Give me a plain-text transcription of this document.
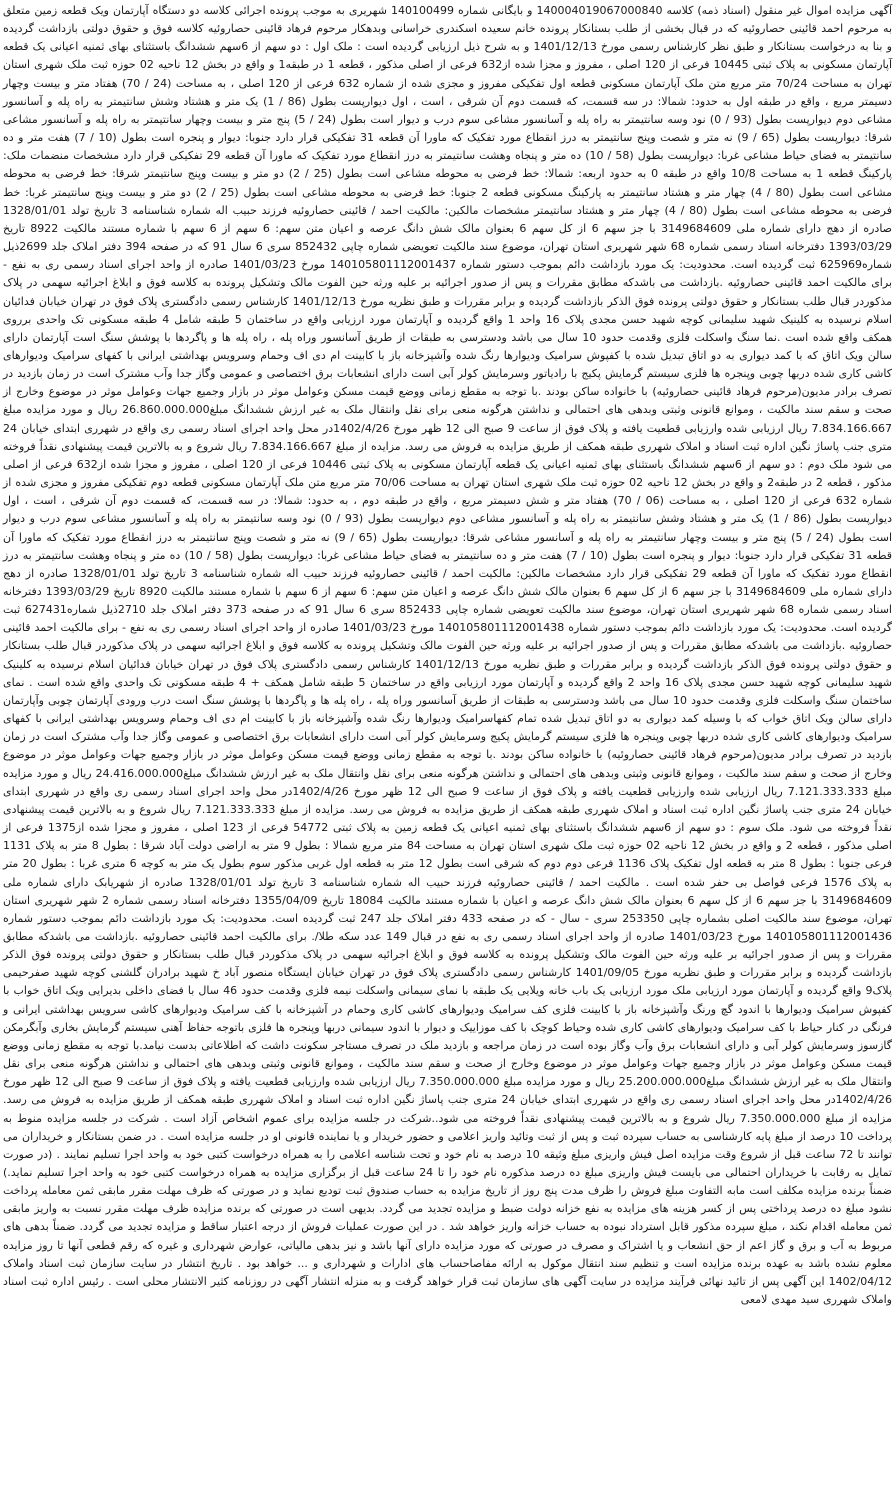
آگهی مزایده اموال غیر منقول (اسناد ذمه) کلاسه 140004019067000840 و بایگانی شماره 140100499 شهریری به موجب پرونده اجرائی کلاسه دو دستگاه آپارتمان ویک قطعه زمین متعلق به مرحوم احمد قائینی حصاروئیه که در قبال بخشی از طلب بستانکار پرونده خانم سعیده اسکندری خراسانی وبدهکار مرحوم فرهاد قائینی حصاروئیه کلاسه فوق و حقوق دولتی بازداشت گردیده و بنا به درخواست بستانکار و طبق نظر کارشناس رسمی مورخ 1401/12/13 و به شرح ذیل ارزیابی گردیده است : ملک اول : دو سهم از 6سهم ششدانگ باستثنای بهای ثمنیه اعیانی یک قطعه آپارتمان مسکونی به پلاک ثبتی 10445 فرعی از 120 اصلی ، مفروز و مجزا شده از632 فرعی از اصلی مذکور ، قطعه 1 در طبقه1 و واقع در بخش 12 ناحیه 02 حوزه ثبت ملک شهری استان تهران به مساحت 70/24 متر مربع متن ملک آپارتمان مسکونی قطعه اول تفکیکی مفروز و مجزی شده از شماره 632 فرعی از 120 اصلی ، به مساحت (24 / 70) هفتاد متر و بیست وچهار دسیمتر مربع ، واقع در طبقه اول به حدود: شمالا: در سه قسمت، که قسمت دوم آن شرقی ، است ، اول دیوارپست بطول (86 / 1) یک متر و هشتاد وشش سانتیمتر به راه پله و آسانسور مشاعی دوم دیوارپست بطول (93 / 0) نود وسه سانتیمتر به راه پله و آسانسور مشاعی سوم درب و دیوار است بطول (24 / 5) پنج متر و بیست وچهار سانتیمتر به راه پله و آسانسور مشاعی شرقا: دیوارپست بطول (65 / 9) نه متر و شصت وپنج سانتیمتر به درز انقطاع مورد تفکیک که ماورا آن قطعه 31 تفکیکی قرار دارد جنوبا: دیوار و پنجره است بطول (10 / 7) هفت متر و ده سانتیمتر به فضای حیاط مشاعی غربا: دیوارپست بطول (58 / 10) ده متر و پنجاه وهشت سانتیمتر به درز انقطاع مورد تفکیک که ماورا آن قطعه 29 تفکیکی قرار دارد مشخصات منضمات ملک: پارکینگ قطعه 1 به مساحت 10/8 واقع در طبقه 0 به حدود اربعه: شمالا: خط فرضی به محوطه مشاعی است بطول (25 / 2) دو متر و بیست وپنج سانتیمتر شرقا: خط فرضی به محوطه مشاعی است بطول (80 / 4) چهار متر و هشتاد سانتیمتر به پارکینگ مسکونی قطعه 2 جنوبا: خط فرضی به محوطه مشاعی است بطول (25 / 2) دو متر و بیست وپنج سانتیمتر غربا: خط فرضی به محوطه مشاعی است بطول (80 / 4) چهار متر و هشتاد سانتیمتر مشخصات مالکین: مالکیت احمد / قائینی حصاروئیه فرزند حبیب اله شماره شناسنامه 3 تاریخ تولد 1328/01/01 صادره از دهج دارای شماره ملی 3149684609 با جز سهم 6 از کل سهم 6 بعنوان مالک شش دانگ عرصه و اعیان متن سهم: 6 سهم از 6 سهم با شماره مستند مالکیت 8922 تاریخ 1393/03/29 دفترخانه اسناد رسمی شماره 68 شهر شهریری استان تهران، موضوع سند مالکیت تعویضی شماره چاپی 852432 سری 6 سال 91 که در صفحه 394 دفتر املاک جلد 2699ذیل شماره625969 ثبت گردیده است. محدودیت: یک مورد بازداشت دائم بموجب دستور شماره 140105801112001437 مورخ 1401/03/23 صادره از واحد اجرای اسناد رسمی ری به نفع - برای مالکیت احمد قائینی حصاروئیه .بازداشت می باشدکه مطابق مقررات و پس از صدور اجرائیه بر علیه ورثه حین الفوت مالک وتشکیل پرونده به کلاسه فوق و ابلاغ اجرائیه سهمی در پلاک مذکوردر قبال طلب بستانکار و حقوق دولتی پرونده فوق الذکر بازداشت گردیده و برابر مقررات و طبق نظریه مورخ 1401/12/13 کارشناس رسمی دادگستری پلاک فوق در تهران خیابان فدائیان اسلام نرسیده به کلینیک شهید سلیمانی کوچه شهید حسن مجدی پلاک 16 واحد 1 واقع گردیده و آپارتمان مورد ارزیابی واقع در ساختمان 5 طبقه شامل 4 طبقه مسکونی تک واحدی برروی همکف واقع شده است .نما سنگ واسکلت فلزی وقدمت حدود 10 سال می باشد ودسترسی به طبقات از طریق آسانسور وراه پله ، راه پله ها و پاگردها با پوشش سنگ است آپارتمان دارای سالن ویک اتاق که با کمد دیواری به دو اتاق تبدیل شده با کفپوش سرامیک ودیوارها رنگ شده وآشپزخانه باز با کابینت ام دی اف وحمام وسرویس بهداشتی ایرانی با کفهای سرامیک ودیوارهای کاشی کاری شده دربها چوبی وپنجره ها فلزی سیستم گرمایش پکیج با رادیاتور وسرمایش کولر آبی است دارای انشعابات برق اختصاصی و عمومی وگاز جدا وآب مشترک است در زمان بازدید در تصرف برادر مدیون(مرحوم فرهاد قائینی حصاروئیه) با خانواده ساکن بودند .با توجه به مقطع زمانی ووضع قیمت مسکن وعوامل موثر در بازار وجمیع جهات وعوامل موثر در موضوع وخارج از صحت و سقم سند مالکیت ، وموانع قانونی وثبتی وبدهی های احتمالی و نداشتن هرگونه منعی برای نقل وانتقال ملک به غیر ارزش ششدانگ مبلغ26.860.000.000 ریال و مورد مزایده مبلغ 7.834.166.667 ریال ارزیابی شده وارزیابی قطعیت یافته و پلاک فوق از ساعت 9 صبح الی 12 ظهر مورخ 1402/4/26در محل واحد اجرای اسناد رسمی ری واقع در شهرری ابتدای خیابان 24 متری جنب پاساژ نگین اداره ثبت اسناد و املاک شهرری طبقه همکف از طریق مزایده به فروش می رسد. مزایده از مبلغ 7.834.166.667 ریال شروع و به بالاترین قیمت پیشنهادی نقداً فروخته می شود ملک دوم : دو سهم از 6سهم ششدانگ باستثنای بهای ثمنیه اعیانی یک قطعه آپارتمان مسکونی به پلاک ثبتی 10446 فرعی از 120 اصلی ، مفروز و مجزا شده از632 فرعی از اصلی مذکور ، قطعه 2 در طبقه2 و واقع در بخش 12 ناحیه 02 حوزه ثبت ملک شهری استان تهران به مساحت 70/06 متر مربع متن ملک آپارتمان مسکونی قطعه دوم تفکیکی مفروز و مجزی شده از شماره 632 فرعی از 120 اصلی ، به مساحت (06 / 70) هفتاد متر و شش دسیمتر مربع ، واقع در طبقه دوم ، به حدود: شمالا: در سه قسمت، که قسمت دوم آن شرقی ، است ، اول دیوارپست بطول (86 / 1) یک متر و هشتاد وشش سانتیمتر به راه پله و آسانسور مشاعی دوم دیوارپست بطول (93 / 0) نود وسه سانتیمتر به راه پله و آسانسور مشاعی سوم درب و دیوار است بطول (24 / 5) پنج متر و بیست وچهار سانتیمتر به راه پله و آسانسور مشاعی شرقا: دیوارپست بطول (65 / 9) نه متر و شصت وپنج سانتیمتر به درز انقطاع مورد تفکیک که ماورا آن قطعه 31 تفکیکی قرار دارد جنوبا: دیوار و پنجره است بطول (10 / 7) هفت متر و ده سانتیمتر به فضای حیاط مشاعی غربا: دیوارپست بطول (58 / 10) ده متر و پنجاه وهشت سانتیمتر به درز انقطاع مورد تفکیک که ماورا آن قطعه 29 تفکیکی قرار دارد مشخصات مالکین: مالکیت احمد / قائینی حصاروئیه فرزند حبیب اله شماره شناسنامه 3 تاریخ تولد 1328/01/01 صادره از دهج دارای شماره ملی 3149684609 با جز سهم 6 از کل سهم 6 بعنوان مالک شش دانگ عرصه و اعیان متن سهم: 6 سهم از 6 سهم با شماره مستند مالکیت 8920 تاریخ 1393/03/29 دفترخانه اسناد رسمی شماره 68 شهر شهریری استان تهران، موضوع سند مالکیت تعویضی شماره چاپی 852433 سری 6 سال 91 که در صفحه 373 دفتر املاک جلد 2710ذیل شماره627431 ثبت گردیده است. محدودیت: یک مورد بازداشت دائم بموجب دستور شماره 140105801112001438 مورخ 1401/03/23 صادره از واحد اجرای اسناد رسمی ری به نفع - برای مالکیت احمد قائینی حصاروئیه .بازداشت می باشدکه مطابق مقررات و پس از صدور اجرائیه بر علیه ورثه حین الفوت مالک وتشکیل پرونده به کلاسه فوق و ابلاغ اجرائیه سهمی در پلاک مذکوردر قبال طلب بستانکار و حقوق دولتی پرونده فوق الذکر بازداشت گردیده و برابر مقررات و طبق نظریه مورخ 1401/12/13 کارشناس رسمی دادگستری پلاک فوق در تهران خیابان فدائیان اسلام نرسیده به کلینیک شهید سلیمانی کوچه شهید حسن مجدی پلاک 16 واحد 2 واقع گردیده و آپارتمان مورد ارزیابی واقع در ساختمان 5 طبقه شامل همکف + 4 طبقه مسکونی تک واحدی واقع شده است . نمای ساختمان سنگ واسکلت فلزی وقدمت حدود 10 سال می باشد ودسترسی به طبقات از طریق آسانسور وراه پله ، راه پله ها و پاگردها با پوشش سنگ است درب ورودی آپارتمان چوبی وآپارتمان دارای سالن ویک اتاق خواب که با وسیله کمد دیواری به دو اتاق تبدیل شده تمام کفهاسرامیک ودیوارها رنگ شده وآشپزخانه باز با کابینت ام دی اف وحمام وسرویس بهداشتی ایرانی با کفهای سرامیک ودیوارهای کاشی کاری شده دربها چوبی وپنجره ها فلزی سیستم گرمایش پکیج وسرمایش کولر آبی است دارای انشعابات برق اختصاصی و عمومی وگاز جدا وآب مشترک است در زمان بازدید در تصرف برادر مدیون(مرحوم فرهاد قائینی حصاروئیه) با خانواده ساکن بودند .با توجه به مقطع زمانی ووضع قیمت مسکن وعوامل موثر در بازار وجمیع جهات وعوامل موثر در موضوع وخارج از صحت و سقم سند مالکیت ، وموانع قانونی وثبتی وبدهی های احتمالی و نداشتن هرگونه منعی برای نقل وانتقال ملک به غیر ارزش ششدانگ مبلغ24.416.000.000 ریال و مورد مزایده مبلغ 7.121.333.333 ریال ارزیابی شده وارزیابی قطعیت یافته و پلاک فوق از ساعت 9 صبح الی 12 ظهر مورخ 1402/4/26در محل واحد اجرای اسناد رسمی ری واقع در شهرری ابتدای خیابان 24 متری جنب پاساژ نگین اداره ثبت اسناد و املاک شهرری طبقه همکف از طریق مزایده به فروش می رسد. مزایده از مبلغ 7.121.333.333 ریال شروع و به بالاترین قیمت پیشنهادی نقداً فروخته می شود. ملک سوم : دو سهم از 6سهم ششدانگ باستثنای بهای ثمنیه اعیانی یک قطعه زمین به پلاک ثبتی 54772 فرعی از 123 اصلی ، مفروز و مجزا شده از1375 فرعی از اصلی مذکور ، قطعه 2 و واقع در بخش 12 ناحیه 02 حوزه ثبت ملک شهری استان تهران به مساحت 84 متر مربع شمالا : بطول 9 متر به اراضی دولت آباد شرقا : بطول 8 متر به پلاک 1131 فرعی جنوبا : بطول 8 متر به قطعه اول تفکیک پلاک 1136 فرعی دوم دوم که شرقی است بطول 12 متر به قطعه اول غربی مذکور سوم بطول یک متر به کوچه 6 متری غربا : بطول 20 متر به پلاک 1576 فرعی فواصل بی حفر شده است . مالکیت احمد / قائینی حصاروئیه فرزند حبیب اله شماره شناسنامه 3 تاریخ تولد 1328/01/01 صادره از شهریابک دارای شماره ملی 3149684609 با جز سهم 6 از کل سهم 6 بعنوان مالک شش دانگ عرصه و اعیان با شماره مستند مالکیت 18084 تاریخ 1355/04/09 دفترخانه اسناد رسمی شماره 2 شهر شهریری استان تهران، موضوع سند مالکیت اصلی بشماره چاپی 253350 سری - سال - که در صفحه 433 دفتر املاک جلد 247 ثبت گردیده است. محدودیت: یک مورد بازداشت دائم بموجب دستور شماره 140105801112001436 مورخ 1401/03/23 صادره از واحد اجرای اسناد رسمی ری به نفع در قبال 149 عدد سکه طلا/. برای مالکیت احمد قائینی حصاروئیه .بازداشت می باشدکه مطابق مقررات و پس از صدور اجرائیه بر علیه ورثه حین الفوت مالک وتشکیل پرونده به کلاسه فوق و ابلاغ اجرائیه سهمی در پلاک مذکوردر قبال طلب بستانکار و حقوق دولتی پرونده فوق الذکر بازداشت گردیده و برابر مقررات و طبق نظریه مورخ 1401/09/05 کارشناس رسمی دادگستری پلاک فوق در تهران خیابان ایستگاه منصور آباد خ شهید برادران گلشنی کوچه شهید صفرحیمی پلاک9 واقع گردیده و آپارتمان مورد ارزیابی ملک مورد ارزیابی یک باب خانه ویلایی یک طبقه با نمای سیمانی واسکلت نیمه فلزی وقدمت حدود 46 سال با فضای داخلی بدیرایی ویک اتاق خواب با کفپوش سرامیک ودیوارها با اندود گچ ورنگ وآشپزخانه باز با کابینت فلزی کف سرامیک ودیوارهای کاشی کاری وحمام در آشپزخانه با کف سرامیک ودیوارهای کاشی سرویس بهداشتی ایرانی و فرنگی در کنار حیاط با کف سرامیک ودیوارهای کاشی کاری شده وحیاط کوچک با کف موزاییک و دیوار با اندود سیمانی دربها وپنجره ها فلزی باتوجه حفاظ آهنی سیستم گرمایش بخاری وآبگرمکن گازسوز وسرمایش کولر آبی و دارای انشعابات برق وآب وگاز بوده است در زمان مراجعه و بازدید ملک در تصرف مستاجر سکونت داشت که اطلاعاتی بدست نیامد.با توجه به مقطع زمانی ووضع قیمت مسکن وعوامل موثر در بازار وجمیع جهات وعوامل موثر در موضوع وخارج از صحت و سقم سند مالکیت ، وموانع قانونی وثبتی وبدهی های احتمالی و نداشتن هرگونه منعی برای نقل وانتقال ملک به غیر ارزش ششدانگ مبلغ25.200.000.000 ریال و مورد مزایده مبلغ 7.350.000.000 ریال ارزیابی شده وارزیابی قطعیت یافته و پلاک فوق از ساعت 9 صبح الی 12 ظهر مورخ 1402/4/26در محل واحد اجرای اسناد رسمی ری واقع در شهرری ابتدای خیابان 24 متری جنب پاساژ نگین اداره ثبت اسناد و املاک شهرری طبقه همکف از طریق مزایده به فروش می رسد. مزایده از مبلغ 7.350.000.000 ریال شروع و به بالاترین قیمت پیشنهادی نقداً فروخته می شود..شرکت در جلسه مزایده برای عموم اشخاص آزاد است . شرکت در جلسه مزایده منوط به پرداخت 10 درصد از مبلغ پایه کارشناسی به حساب سپرده ثبت و پس از ثبت وتائید واریز اعلامی و حضور خریدار و یا نماینده قانونی او در جلسه مزایده است . در ضمن بستانکار و خریداران می توانند تا 72 ساعت قبل از شروع وقت مزایده اصل فیش واریزی مبلغ وثیقه 10 درصد به نام خود و تحت شناسه اعلامی را به همراه درخواست کتبی خود به واحد اجرا تسلیم نمایند . (در صورت تمایل به رقابت با خریداران احتمالی می بایست فیش واریزی مبلغ ده درصد مذکوره نام خود را تا 24 ساعت قبل از برگزاری مزایده به همراه درخواست کتبی خود به واحد اجرا تسلیم نماید.) ضمناً برنده مزایده مکلف است مابه التفاوت مبلغ فروش را ظرف مدت پنج روز از تاریخ مزایده به حساب صندوق ثبت تودیع نماید و در صورتی که ظرف مهلت مقرر مابقی ثمن معامله پرداخت نشود مبلغ ده درصد پرداختی پس از کسر هزینه های مزایده به نفع خزانه دولت ضبط و مزایده تجدید می گردد. بدیهی است در صورتی که برنده مزایده ظرف مهلت مقرر نسبت به واریز مابقی ثمن معامله اقدام نکند ، مبلغ سپرده مذکور قابل استرداد نبوده به حساب خزانه واریز خواهد شد . در این صورت عملیات فروش از درجه اعتبار ساقط و مزایده تجدید می گردد. ضمناً بدهی های مربوط به آب و برق و گاز اعم از حق انشعاب و یا اشتراک و مصرف در صورتی که مورد مزایده دارای آنها باشد و نیز بدهی مالیاتی، عوارض شهرداری و غیره که رقم قطعی آنها تا روز مزایده معلوم نشده باشد به عهده برنده مزایده است و تنظیم سند انتقال موکول به ارائه مفاصاحساب های ادارات و شهرداری و ... خواهد بود . تاریخ انتشار در سایت سازمان ثبت اسناد واملاک 1402/04/12 این آگهی پس از تائید نهائی فرآیند مزایده در سایت آگهی های سازمان ثبت قرار خواهد گرفت و به منزله انتشار آگهی در روزنامه کثیر الانتشار محلی است . رئیس اداره ثبت اسناد واملاک شهرری سید مهدی لامعی
